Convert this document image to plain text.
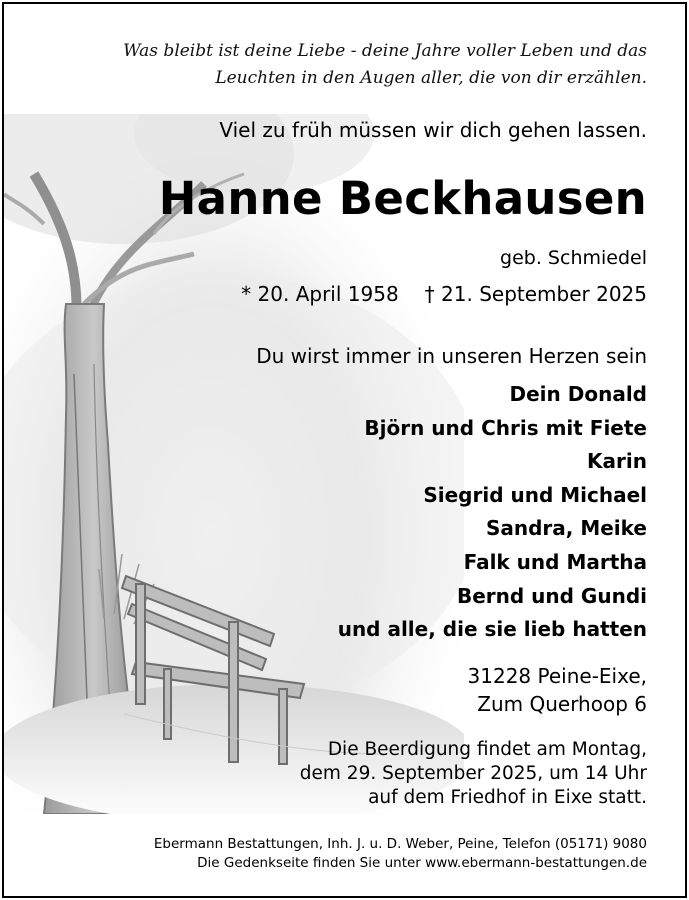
Was bleibt ist deine Liebe - deine Jahre voller Leben und das
Leuchten in den Augen aller, die von dir erzählen.
Viel zu früh müssen wir dich gehen lassen.
Hanne Beckhausen
geb. Schmiedel
* 20. April 1958 † 21. September 2025
Du wirst immer in unseren Herzen sein
Dein Donald
Björn und Chris mit Fiete
Karin
Siegrid und Michael
Sandra, Meike
Falk und Martha
Bernd und Gundi
und alle, die sie lieb hatten
31228 Peine-Eixe,
Zum Querhoop 6
Die Beerdigung findet am Montag,
dem 29. September 2025, um 14 Uhr
auf dem Friedhof in Eixe statt.
Ebermann Bestattungen, Inh. J. u. D. Weber, Peine, Telefon (05171) 9080
Die Gedenkseite finden Sie unter www.ebermann-bestattungen.de
